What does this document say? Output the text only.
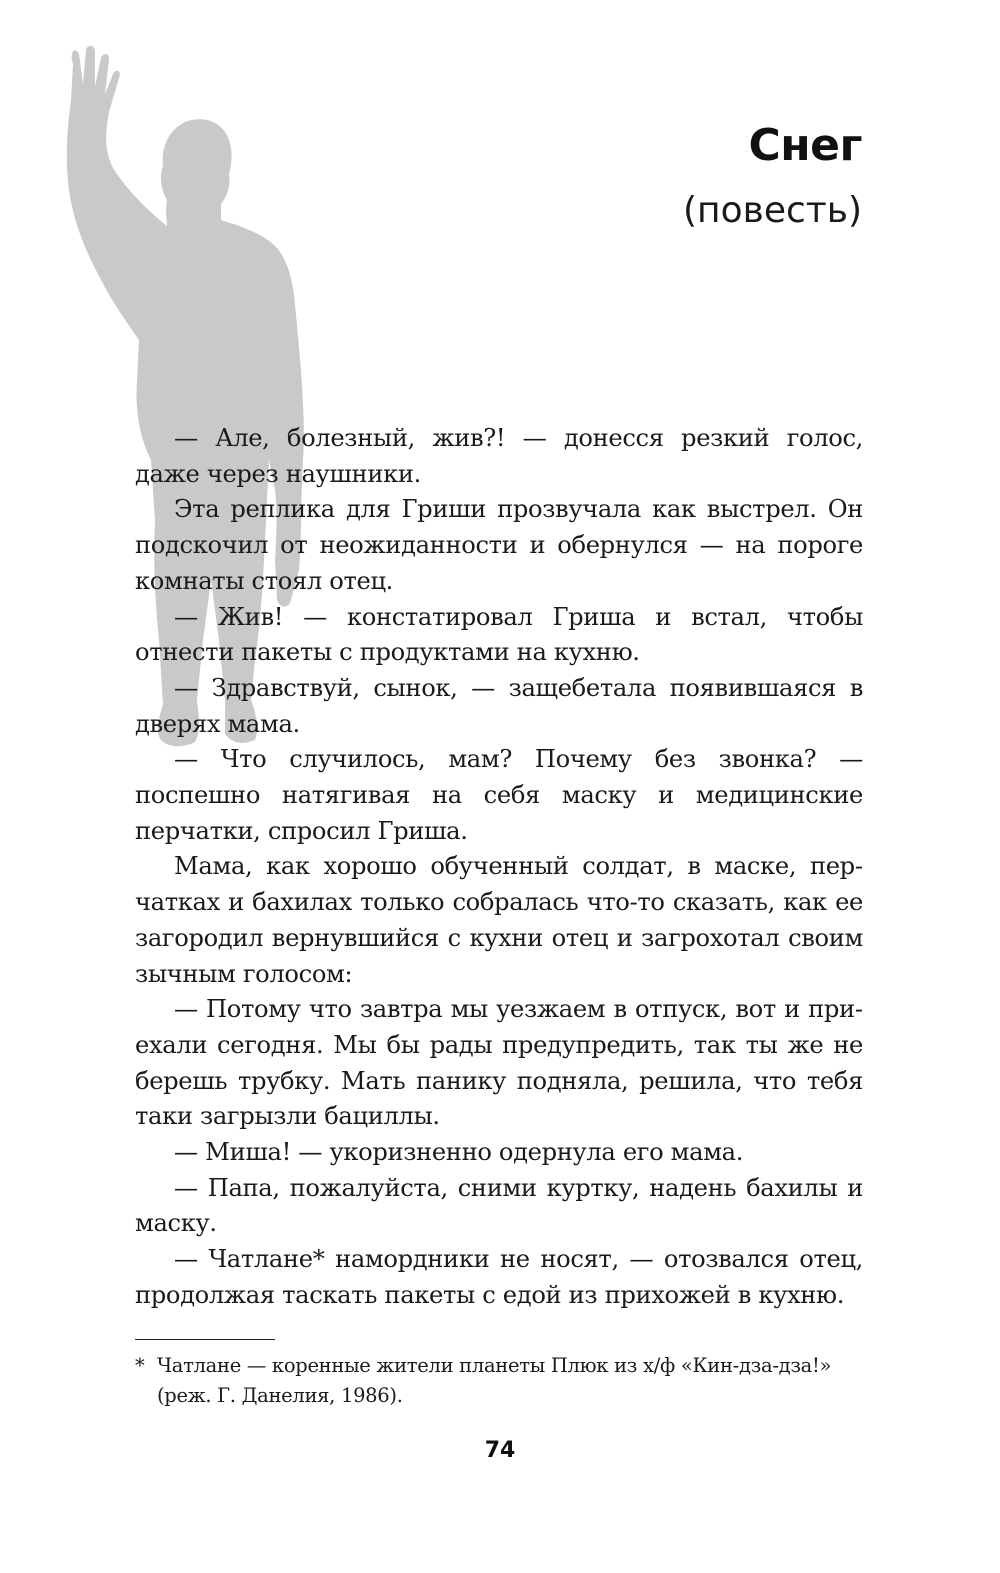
Снег
(повесть)

— Але, болезный, жив?! — донесся резкий голос, даже через наушники.

Эта реплика для Гриши прозвучала как выстрел. Он подскочил от неожиданности и обернулся — на пороге комнаты стоял отец.

— Жив! — констатировал Гриша и встал, чтобы отнести пакеты с продуктами на кухню.

— Здравствуй, сынок, — защебетала появившаяся в дверях мама.

— Что случилось, мам? Почему без звонка? — поспешно натягивая на себя маску и медицинские перчатки, спросил Гриша.

Мама, как хорошо обученный солдат, в маске, перчатках и бахилах только собралась что-то сказать, как ее загородил вернувшийся с кухни отец и загрохотал своим зычным голосом:

— Потому что завтра мы уезжаем в отпуск, вот и приехали сегодня. Мы бы рады предупредить, так ты же не берешь трубку. Мать панику подняла, решила, что тебя таки загрызли бациллы.

— Миша! — укоризненно одернула его мама.

— Папа, пожалуйста, сними куртку, надень бахилы и маску.

— Чатлане* намордники не носят, — отозвался отец, продолжая таскать пакеты с едой из прихожей в кухню.

* Чатлане — коренные жители планеты Плюк из х/ф «Кин-дза-дза!» (реж. Г. Данелия, 1986).
74
